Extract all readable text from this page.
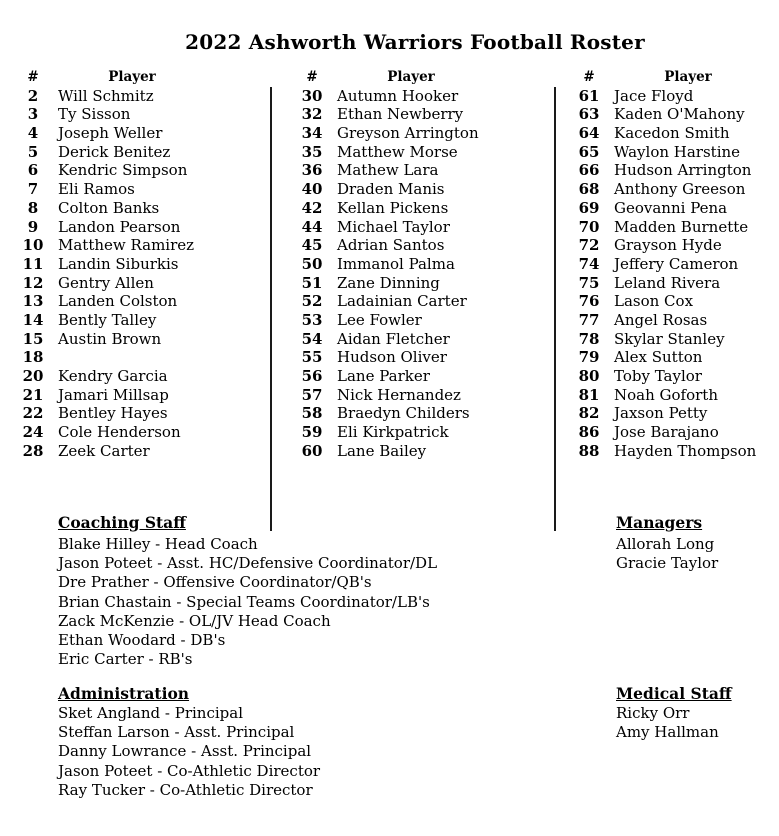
2022 Ashworth Warriors Football Roster
#	Player
2	Will Schmitz
3	Ty Sisson
4	Joseph Weller
5	Derick Benitez
6	Kendric Simpson
7	Eli Ramos
8	Colton Banks
9	Landon Pearson
10 Matthew Ramirez
11 Landin Siburkis
12 Gentry Allen
13 Landen Colston
14 Bently Talley
15 Austin Brown
18
20 Kendry Garcia
21 Jamari Millsap
22 Bentley Hayes
24 Cole Henderson
28 Zeek Carter
#	Player
30 Autumn Hooker
32 Ethan Newberry
34 Greyson Arrington
35 Matthew Morse
36 Mathew Lara
40 Draden Manis
42 Kellan Pickens
44 Michael Taylor
45 Adrian Santos
50 Immanol Palma
51 Zane Dinning
52 Ladainian Carter
53 Lee Fowler
54 Aidan Fletcher
55 Hudson Oliver
56 Lane Parker
57 Nick Hernandez
58 Braedyn Childers
59 Eli Kirkpatrick
60 Lane Bailey
#	Player
61 Jace Floyd
63 Kaden O'Mahony
64 Kacedon Smith
65 Waylon Harstine
66 Hudson Arrington
68 Anthony Greeson
69 Geovanni Pena
70 Madden Burnette
72 Grayson Hyde
74 Jeffery Cameron
75 Leland Rivera
76 Lason Cox
77 Angel Rosas
78 Skylar Stanley
79 Alex Sutton
80 Toby Taylor
81 Noah Goforth
82 Jaxson Petty
86 Jose Barajano
88 Hayden Thompson
Coaching Staff
Blake Hilley - Head Coach
Jason Poteet - Asst. HC/Defensive Coordinator/DL
Dre Prather - Offensive Coordinator/QB's
Brian Chastain - Special Teams Coordinator/LB's
Zack McKenzie - OL/JV Head Coach
Ethan Woodard - DB's
Eric Carter - RB's
Managers
Allorah Long
Gracie Taylor
Administration
Sket Angland - Principal
Steffan Larson - Asst. Principal
Danny Lowrance - Asst. Principal
Jason Poteet - Co-Athletic Director
Ray Tucker - Co-Athletic Director
Medical Staff
Ricky Orr
Amy Hallman
